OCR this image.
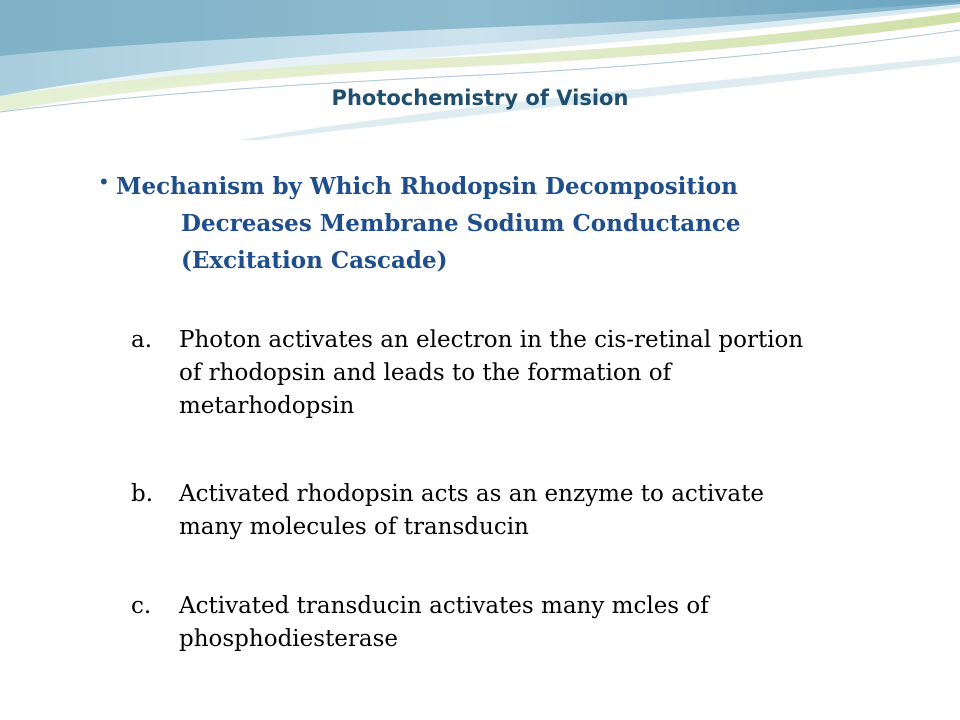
Photochemistry of Vision
• Mechanism by Which Rhodopsin Decomposition
Decreases Membrane Sodium Conductance
(Excitation Cascade)
a. Photon activates an electron in the cis-retinal portion
of rhodopsin and leads to the formation of
metarhodopsin
b. Activated rhodopsin acts as an enzyme to activate
many molecules of transducin
c. Activated transducin activates many mcles of
phosphodiesterase
